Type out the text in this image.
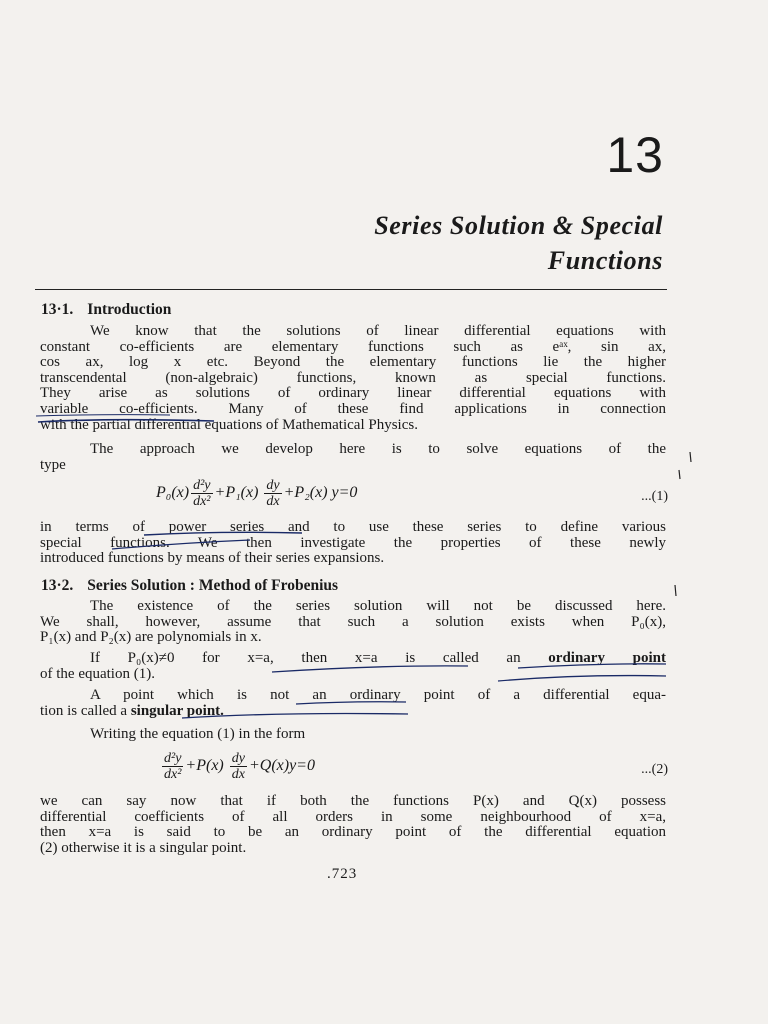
13
Series Solution & Special
Functions
13·1. Introduction
We know that the solutions of linear differential equations with
constant co-efficients are elementary functions such as eᵃˣ, sin ax,
cos ax, log x etc. Beyond the elementary functions lie the higher
transcendental (non-algebraic) functions, known as special functions.
They arise as solutions of ordinary linear differential equations with
variable co-efficients. Many of these find applications in connection
with the partial differential equations of Mathematical Physics.
The approach we develop here is to solve equations of the
type
$P_0(x) \frac{\text{d²y}}{\text{dx²}} +P_1(x) \frac{dy}{dx} +P_2(x)$ y=0	...(1)
in terms of power series and to use these series to define various
special functions. We then investigate the properties of these newly
introduced functions by means of their series expansions.
13·2. Series Solution : Method of Frobenius
The existence of the series solution will not be discussed here.
We shall, however, assume that such a solution exists when P₀(x),
P₁(x) and P₂(x) are polynomials in x.
If P₀(x)≠0 for x=a, then x=a is called an ordinary point
of the equation (1).
A point which is not an ordinary point of a differential equa-
tion is called a singular point.
Writing the equation (1) in the form
$\frac{\text{d²y}}{\text{dx²}} +P(x) \frac{dy}{dx} +Q(x)y=0$	...(2)
we can say now that if both the functions P(x) and Q(x) possess
differential coefficients of all orders in some neighbourhood of x=a,
then x=a is said to be an ordinary point of the differential equation
(2) otherwise it is a singular point.
.723
